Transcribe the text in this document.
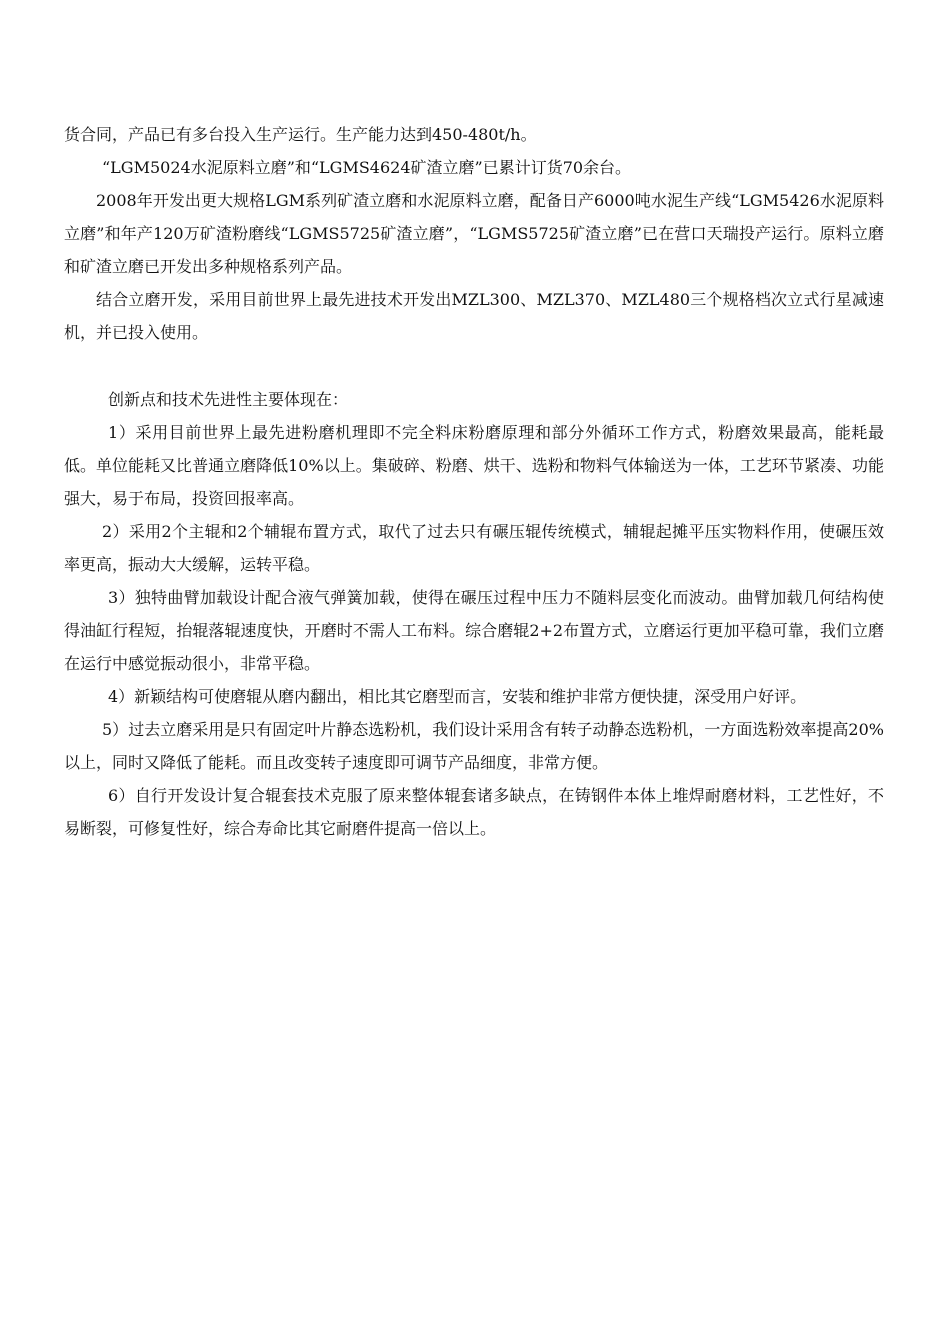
货合同，产品已有多台投入生产运行。生产能力达到450-480t/h。

“LGM5024水泥原料立磨”和“LGMS4624矿渣立磨”已累计订货70余台。

2008年开发出更大规格LGM系列矿渣立磨和水泥原料立磨，配备日产6000吨水泥生产线“LGM5426水泥原料立磨”和年产120万矿渣粉磨线“LGMS5725矿渣立磨”，“LGMS5725矿渣立磨”已在营口天瑞投产运行。原料立磨和矿渣立磨已开发出多种规格系列产品。

结合立磨开发，采用目前世界上最先进技术开发出MZL300、MZL370、MZL480三个规格档次立式行星减速机，并已投入使用。

创新点和技术先进性主要体现在：

1）采用目前世界上最先进粉磨机理即不完全料床粉磨原理和部分外循环工作方式，粉磨效果最高，能耗最低。单位能耗又比普通立磨降低10%以上。集破碎、粉磨、烘干、选粉和物料气体输送为一体，工艺环节紧凑、功能强大，易于布局，投资回报率高。

2）采用2个主辊和2个辅辊布置方式，取代了过去只有碾压辊传统模式，辅辊起摊平压实物料作用，使碾压效率更高，振动大大缓解，运转平稳。

3）独特曲臂加载设计配合液气弹簧加载，使得在碾压过程中压力不随料层变化而波动。曲臂加载几何结构使得油缸行程短，抬辊落辊速度快，开磨时不需人工布料。综合磨辊2+2布置方式，立磨运行更加平稳可靠，我们立磨在运行中感觉振动很小，非常平稳。

4）新颖结构可使磨辊从磨内翻出，相比其它磨型而言，安装和维护非常方便快捷，深受用户好评。

5）过去立磨采用是只有固定叶片静态选粉机，我们设计采用含有转子动静态选粉机，一方面选粉效率提高20%以上，同时又降低了能耗。而且改变转子速度即可调节产品细度，非常方便。

6）自行开发设计复合辊套技术克服了原来整体辊套诸多缺点，在铸钢件本体上堆焊耐磨材料，工艺性好，不易断裂，可修复性好，综合寿命比其它耐磨件提高一倍以上。
